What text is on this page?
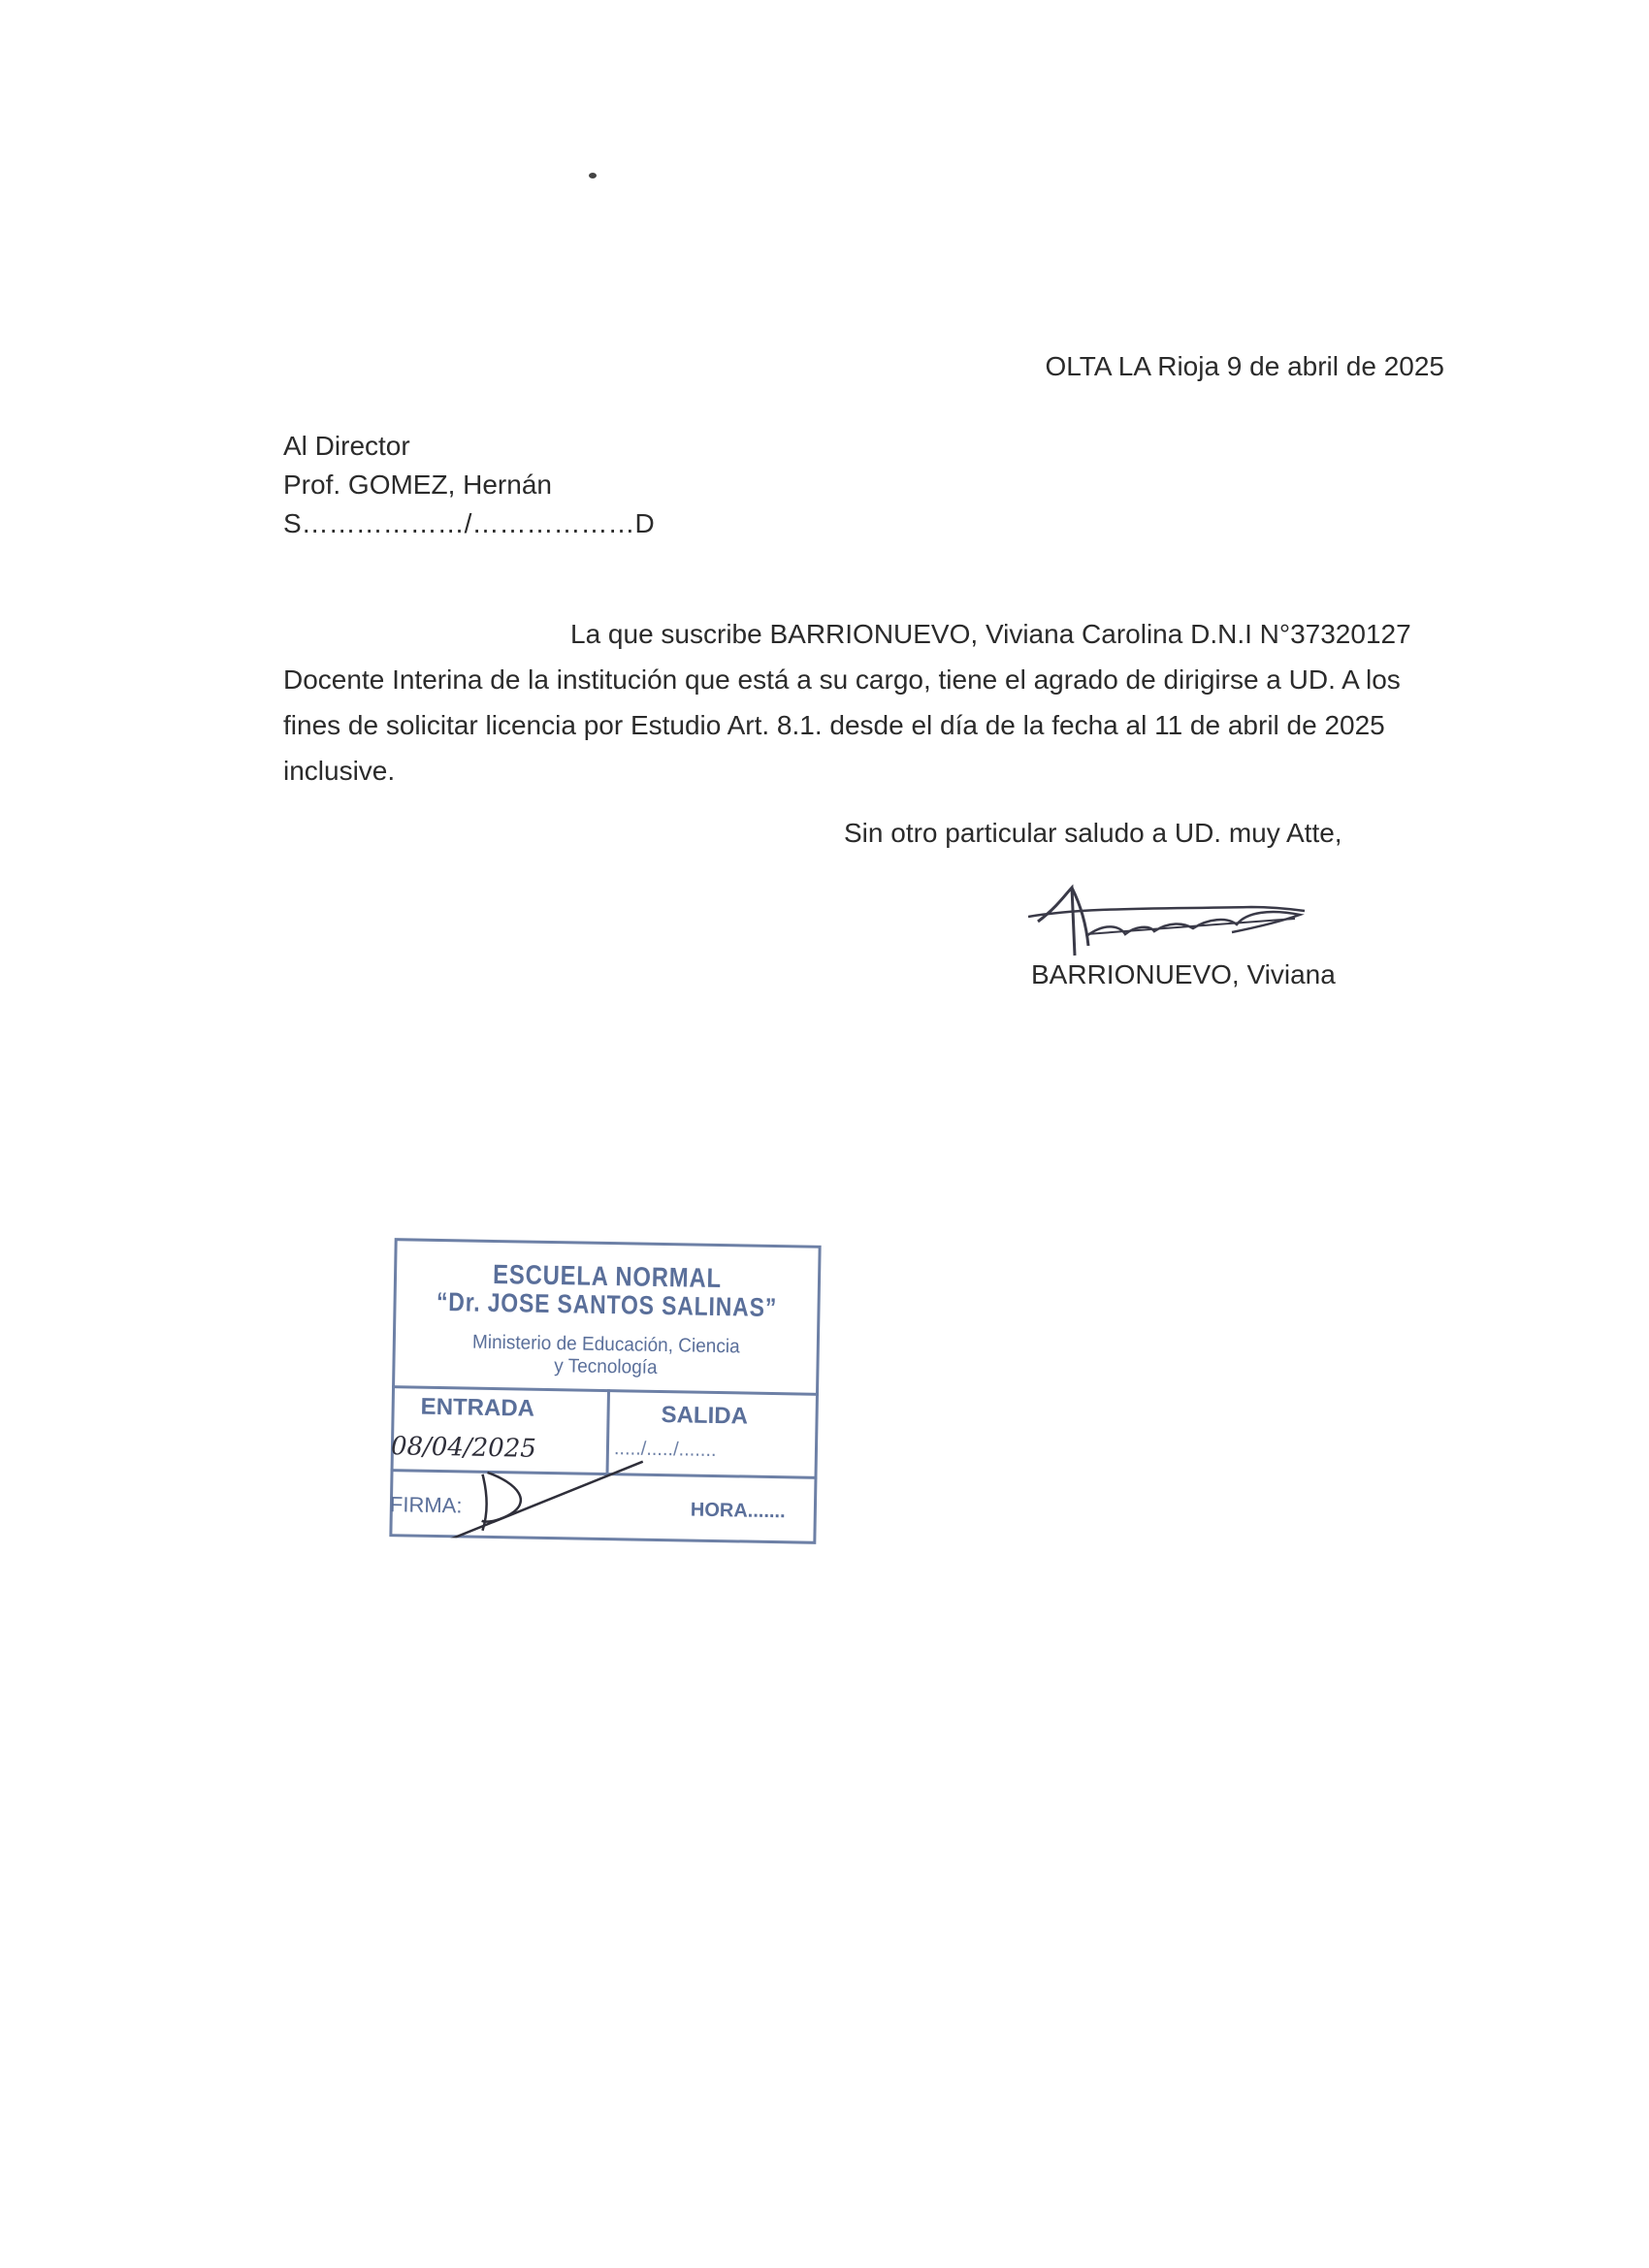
OLTA LA Rioja 9 de abril de 2025
Al Director
Prof. GOMEZ, Hernán
S………………/………………D
La que suscribe BARRIONUEVO, Viviana Carolina D.N.I N°37320127 Docente Interina de la institución que está a su cargo, tiene el agrado de dirigirse a UD. A los fines de solicitar licencia por Estudio Art. 8.1. desde el día de la fecha al 11 de abril de 2025 inclusive.
Sin otro particular saludo a UD. muy Atte,
BARRIONUEVO, Viviana
ESCUELA NORMAL
“Dr. JOSE SANTOS SALINAS”
Ministerio de Educación, Ciencia
y Tecnología
ENTRADA	SALIDA
08/04/2025	...../...../.......
FIRMA:	HORA.......
